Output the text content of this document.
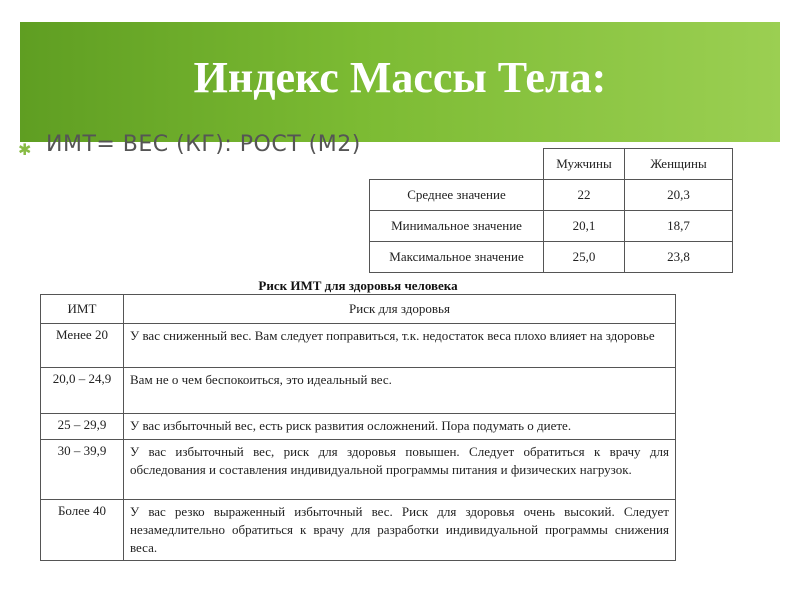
Индекс Массы Тела:
✱ ИМТ= ВЕС (КГ): РОСТ (М2)
	Мужчины	Женщины
Среднее значение	22	20,3
Минимальное значение	20,1	18,7
Максимальное значение	25,0	23,8
Риск ИМТ для здоровья человека
ИМТ	Риск для здоровья
Менее 20	У вас сниженный вес. Вам следует поправиться, т.к. недостаток веса плохо влияет на здоровье
20,0 – 24,9	Вам не о чем беспокоиться, это идеальный вес.
25 – 29,9	У вас избыточный вес, есть риск развития осложнений. Пора подумать о диете.
30 – 39,9	У вас избыточный вес, риск для здоровья повышен. Следует обратиться к врачу для обследования и составления индивидуальной программы питания и физических нагрузок.
Более 40	У вас резко выраженный избыточный вес. Риск для здоровья очень высокий. Следует незамедлительно обратиться к врачу для разработки индивидуальной программы снижения веса.
